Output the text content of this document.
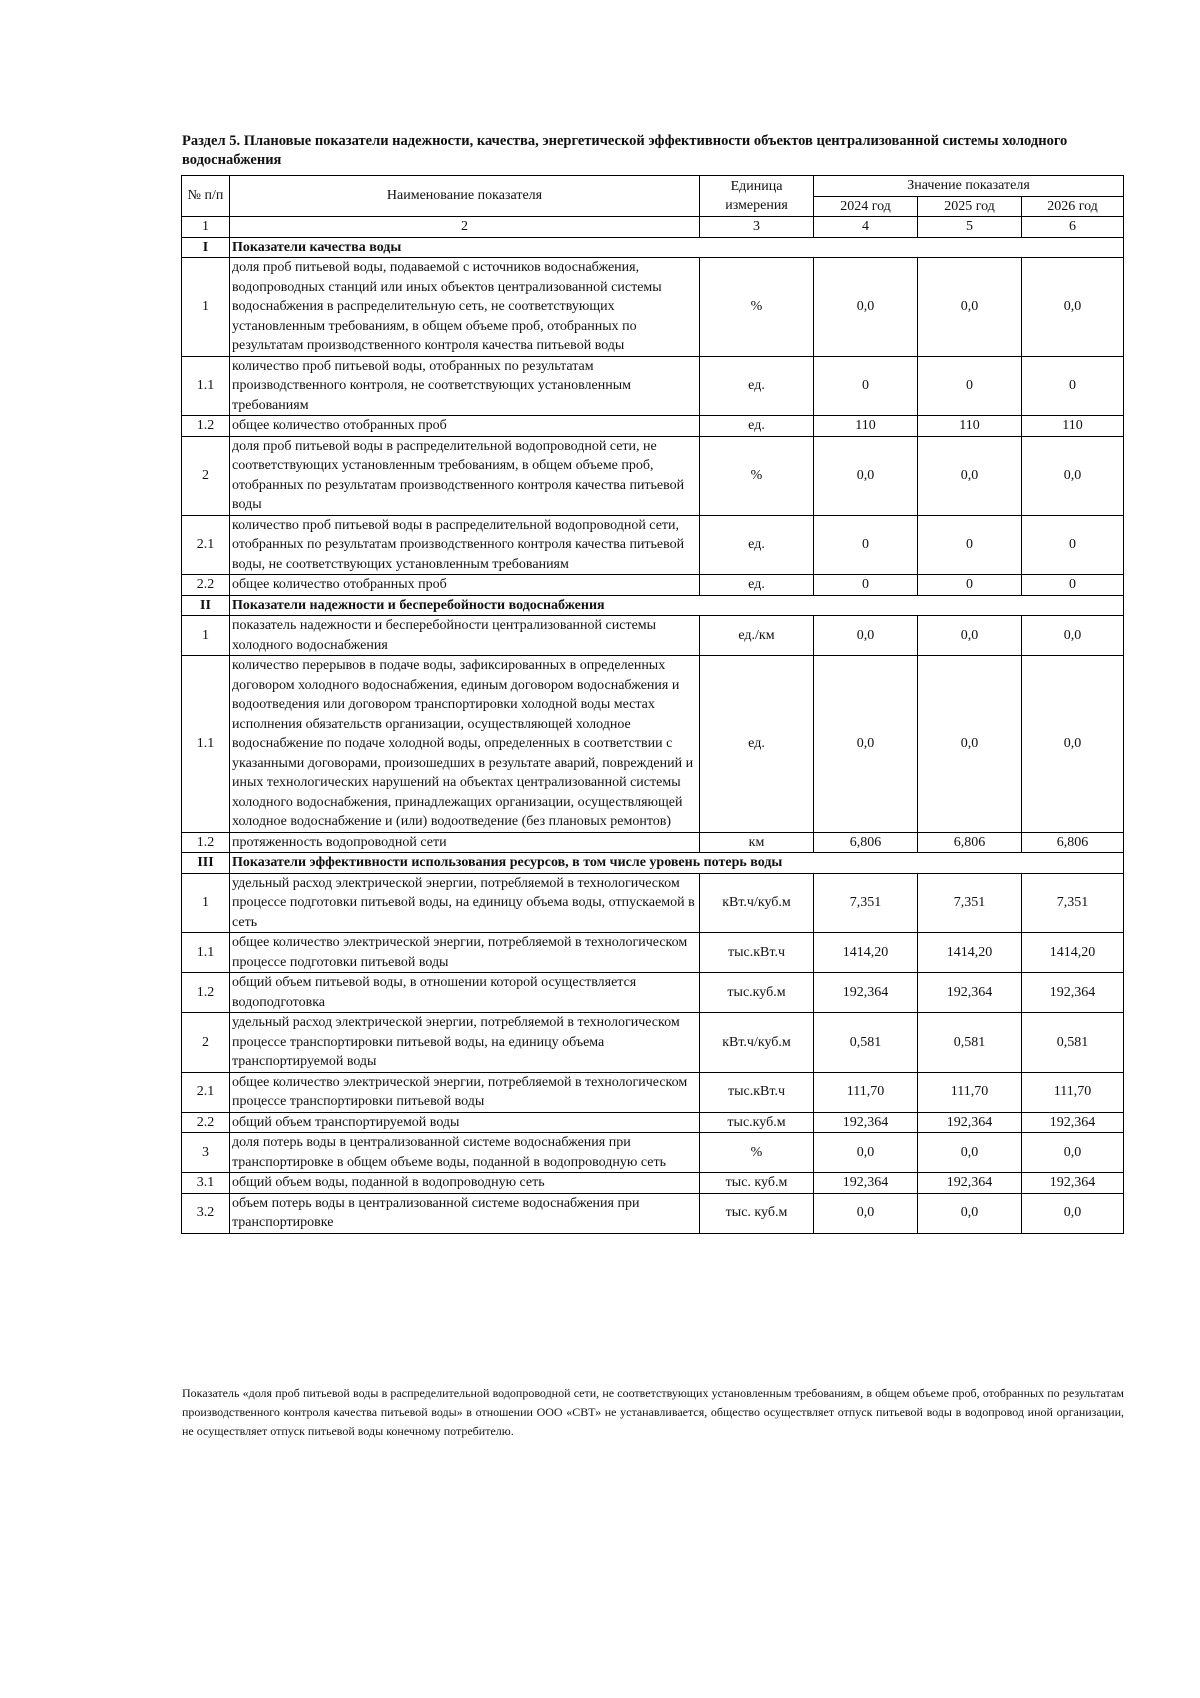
Раздел 5. Плановые показатели надежности, качества, энергетической эффективности объектов централизованной системы холодного водоснабжения
№ п/п	Наименование показателя	Единица измерения	Значение показателя		
			2024 год	2025 год	2026 год
1	2	3	4	5	6
I	Показатели качества воды				
1	доля проб питьевой воды, подаваемой с источников водоснабжения, водопроводных станций или иных объектов централизованной системы водоснабжения в распределительную сеть, не соответствующих установленным требованиям, в общем объеме проб, отобранных по результатам производственного контроля качества питьевой воды	%	0,0	0,0	0,0
1.1	количество проб питьевой воды, отобранных по результатам производственного контроля, не соответствующих установленным требованиям	ед.	0	0	0
1.2	общее количество отобранных проб	ед.	110	110	110
2	доля проб питьевой воды в распределительной водопроводной сети, не соответствующих установленным требованиям, в общем объеме проб, отобранных по результатам производственного контроля качества питьевой воды	%	0,0	0,0	0,0
2.1	количество проб питьевой воды в распределительной водопроводной сети, отобранных по результатам производственного контроля качества питьевой воды, не соответствующих установленным требованиям	ед.	0	0	0
2.2	общее количество отобранных проб	ед.	0	0	0
II	Показатели надежности и бесперебойности водоснабжения				
1	показатель надежности и бесперебойности централизованной системы холодного водоснабжения	ед./км	0,0	0,0	0,0
1.1	количество перерывов в подаче воды, зафиксированных в определенных договором холодного водоснабжения, единым договором водоснабжения и водоотведения или договором транспортировки холодной воды местах исполнения обязательств организации, осуществляющей холодное водоснабжение по подаче холодной воды, определенных в соответствии с указанными договорами, произошедших в результате аварий, повреждений и иных технологических нарушений на объектах централизованной системы холодного водоснабжения, принадлежащих организации, осуществляющей холодное водоснабжение и (или) водоотведение (без плановых ремонтов)	ед.	0,0	0,0	0,0
1.2	протяженность водопроводной сети	км	6,806	6,806	6,806
III	Показатели эффективности использования ресурсов, в том числе уровень потерь воды				
1	удельный расход электрической энергии, потребляемой в технологическом процессе подготовки питьевой воды, на единицу объема воды, отпускаемой в сеть	кВт.ч/куб.м	7,351	7,351	7,351
1.1	общее количество электрической энергии, потребляемой в технологическом процессе подготовки питьевой воды	тыс.кВт.ч	1414,20	1414,20	1414,20
1.2	общий объем питьевой воды, в отношении которой осуществляется водоподготовка	тыс.куб.м	192,364	192,364	192,364
2	удельный расход электрической энергии, потребляемой в технологическом процессе транспортировки питьевой воды, на единицу объема транспортируемой воды	кВт.ч/куб.м	0,581	0,581	0,581
2.1	общее количество электрической энергии, потребляемой в технологическом процессе транспортировки питьевой воды	тыс.кВт.ч	111,70	111,70	111,70
2.2	общий объем транспортируемой воды	тыс.куб.м	192,364	192,364	192,364
3	доля потерь воды в централизованной системе водоснабжения при транспортировке в общем объеме воды, поданной в водопроводную сеть	%	0,0	0,0	0,0
3.1	общий объем воды, поданной в водопроводную сеть	тыс. куб.м	192,364	192,364	192,364
3.2	объем потерь воды в централизованной системе водоснабжения при транспортировке	тыс. куб.м	0,0	0,0	0,0
Показатель «доля проб питьевой воды в распределительной водопроводной сети, не соответствующих установленным требованиям, в общем объеме проб, отобранных по результатам производственного контроля качества питьевой воды» в отношении ООО «СВТ» не устанавливается, общество осуществляет отпуск питьевой воды в водопровод иной организации, не осуществляет отпуск питьевой воды конечному потребителю.
